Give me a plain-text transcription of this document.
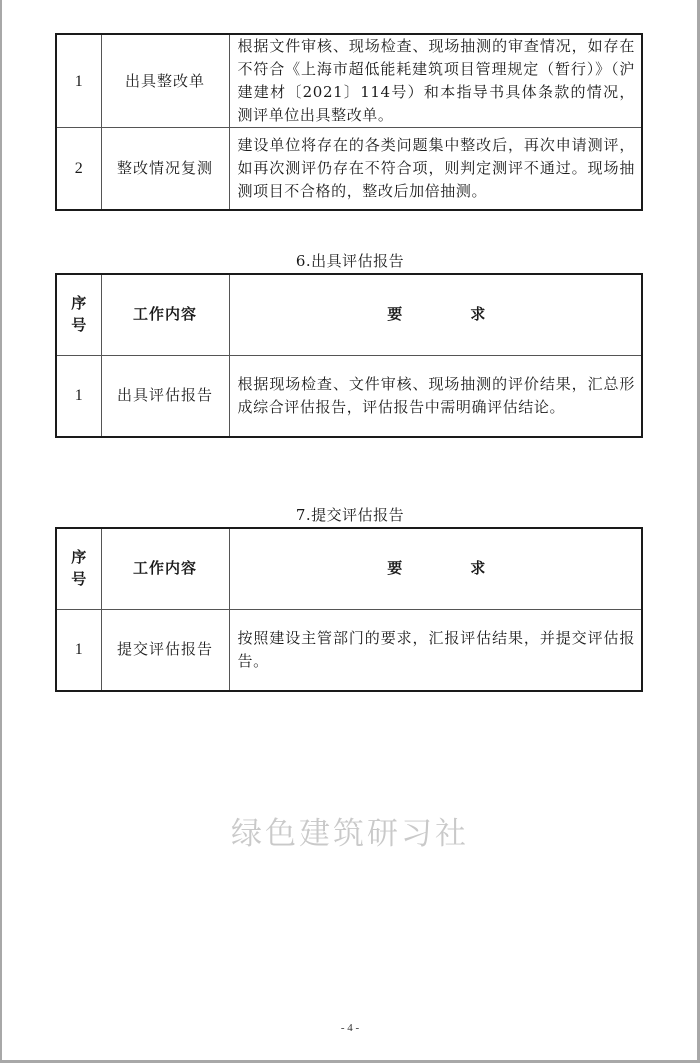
1	出具整改单	根据文件审核、现场检查、现场抽测的审查情况，如存在不符合《上海市超低能耗建筑项目管理规定（暂行）》（沪建建材〔2021〕114号）和本指导书具体条款的情况，测评单位出具整改单。
2	整改情况复测	建设单位将存在的各类问题集中整改后，再次申请测评，如再次测评仍存在不符合项，则判定测评不通过。现场抽测项目不合格的，整改后加倍抽测。
6.出具评估报告
序号	工作内容	要 求
1	出具评估报告	根据现场检查、文件审核、现场抽测的评价结果，汇总形成综合评估报告，评估报告中需明确评估结论。
7.提交评估报告
序号	工作内容	要 求
1	提交评估报告	按照建设主管部门的要求，汇报评估结果，并提交评估报告。
绿色建筑研习社
- 4 -
